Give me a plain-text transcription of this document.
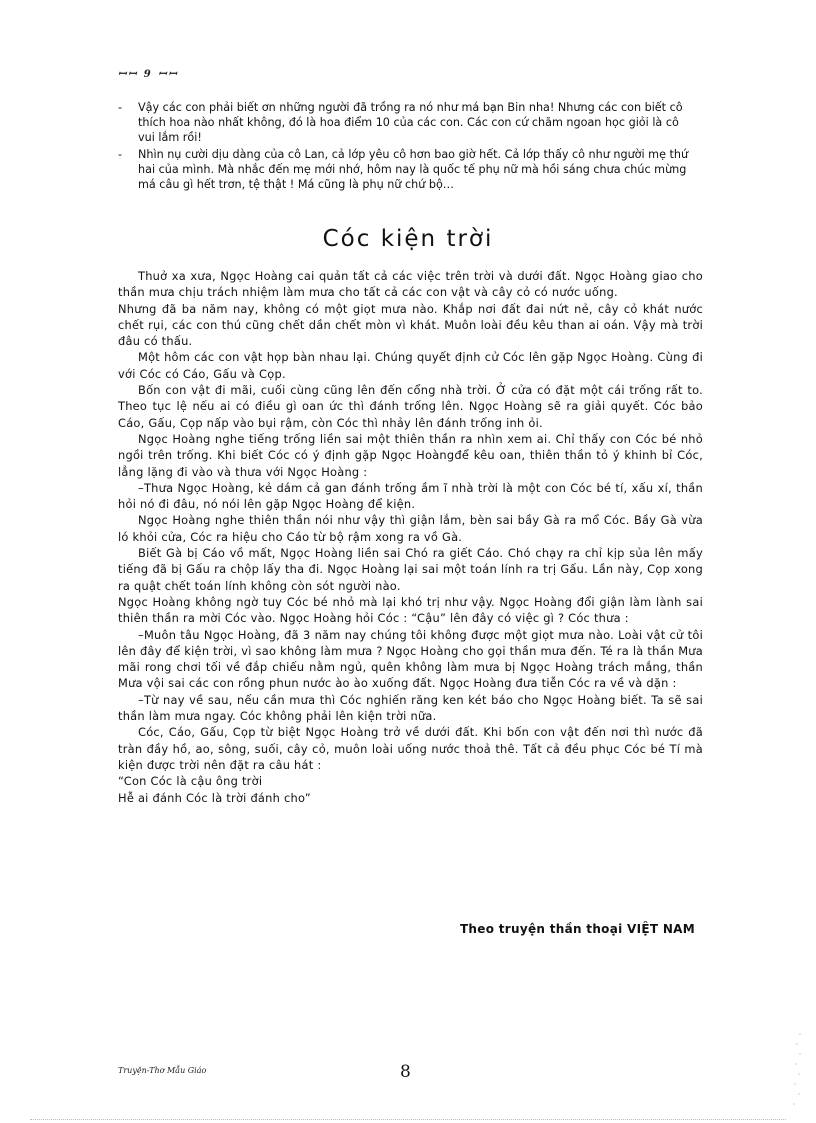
ꟷꟷ 9 ꟷꟷ
-	Vậy các con phải biết ơn những người đã trồng ra nó như má bạn Bin nha! Nhưng các con biết cô thích hoa nào nhất không, đó là hoa điểm 10 của các con. Các con cứ chăm ngoan học giỏi là cô vui lắm rồi!

-	Nhìn nụ cười dịu dàng của cô Lan, cả lớp yêu cô hơn bao giờ hết. Cả lớp thấy cô như người mẹ thứ hai của mình. Mà nhắc đến mẹ mới nhớ, hôm nay là quốc tế phụ nữ mà hồi sáng chưa chúc mừng má câu gì hết trơn, tệ thật ! Má cũng là phụ nữ chứ bộ…

Cóc kiện trời

Thuở xa xưa, Ngọc Hoàng cai quản tất cả các việc trên trời và dưới đất. Ngọc Hoàng giao cho thần mưa chịu trách nhiệm làm mưa cho tất cả các con vật và cây cỏ có nước uống.

Nhưng đã ba năm nay, không có một giọt mưa nào. Khắp nơi đất đai nứt nẻ, cây cỏ khát nước chết rụi, các con thú cũng chết dần chết mòn vì khát. Muôn loài đều kêu than ai oán. Vậy mà trời đâu có thấu.

Một hôm các con vật họp bàn nhau lại. Chúng quyết định cử Cóc lên gặp Ngọc Hoàng. Cùng đi với Cóc có Cáo, Gấu và Cọp.

Bốn con vật đi mãi, cuối cùng cũng lên đến cổng nhà trời. Ở cửa có đặt một cái trống rất to. Theo tục lệ nếu ai có điều gì oan ức thì đánh trống lên. Ngọc Hoàng sẽ ra giải quyết. Cóc bảo Cáo, Gấu, Cọp nấp vào bụi rậm, còn Cóc thì nhảy lên đánh trống inh ỏi.

Ngọc Hoàng nghe tiếng trống liền sai một thiên thần ra nhìn xem ai. Chỉ thấy con Cóc bé nhỏ ngồi trên trống. Khi biết Cóc có ý định gặp Ngọc Hoàngđể kêu oan, thiên thần tỏ ý khinh bỉ Cóc, lẳng lặng đi vào và thưa với Ngọc Hoàng :

–Thưa Ngọc Hoàng, kẻ dám cả gan đánh trống ầm ĩ nhà trời là một con Cóc bé tí, xấu xí, thần hỏi nó đi đâu, nó nói lên gặp Ngọc Hoàng để kiện.

Ngọc Hoàng nghe thiên thần nói như vậy thì giận lắm, bèn sai bầy Gà ra mổ Cóc. Bầy Gà vừa ló khỏi cửa, Cóc ra hiệu cho Cáo từ bộ rậm xong ra vồ Gà.

Biết Gà bị Cáo vồ mất, Ngọc Hoàng liền sai Chó ra giết Cáo. Chó chạy ra chỉ kịp sủa lên mấy tiếng đã bị Gấu ra chộp lấy tha đi. Ngọc Hoàng lại sai một toán lính ra trị Gấu. Lần này, Cọp xong ra quật chết toán lính không còn sót người nào.

Ngọc Hoàng không ngờ tuy Cóc bé nhỏ mà lại khó trị như vậy. Ngọc Hoàng đổi giận làm lành sai thiên thần ra mời Cóc vào. Ngọc Hoàng hỏi Cóc : “Cậu” lên đây có việc gì ? Cóc thưa :

–Muôn tâu Ngọc Hoàng, đã 3 năm nay chúng tôi không được một giọt mưa nào. Loài vật cử tôi lên đây để kiện trời, vì sao không làm mưa ? Ngọc Hoàng cho gọi thần mưa đến. Té ra là thần Mưa mãi rong chơi tối về đắp chiếu nằm ngủ, quên không làm mưa bị Ngọc Hoàng trách mắng, thần Mưa vội sai các con rồng phun nước ào ào xuống đất. Ngọc Hoàng đưa tiễn Cóc ra về và dặn :

–Từ nay về sau, nếu cần mưa thì Cóc nghiến răng ken két báo cho Ngọc Hoàng biết. Ta sẽ sai thần làm mưa ngay. Cóc không phải lên kiện trời nữa.

Cóc, Cáo, Gấu, Cọp từ biệt Ngọc Hoàng trở về dưới đất. Khi bốn con vật đến nơi thì nước đã tràn đầy hồ, ao, sông, suối, cây cỏ, muôn loài uống nước thoả thê. Tất cả đều phục Cóc bé Tí mà kiện được trời nên đặt ra câu hát :

“Con Cóc là cậu ông trời

Hễ ai đánh Cóc là trời đánh cho”

Theo truyện thần thoại VIỆT NAM
Truyện-Thơ Mẫu Giáo	8
